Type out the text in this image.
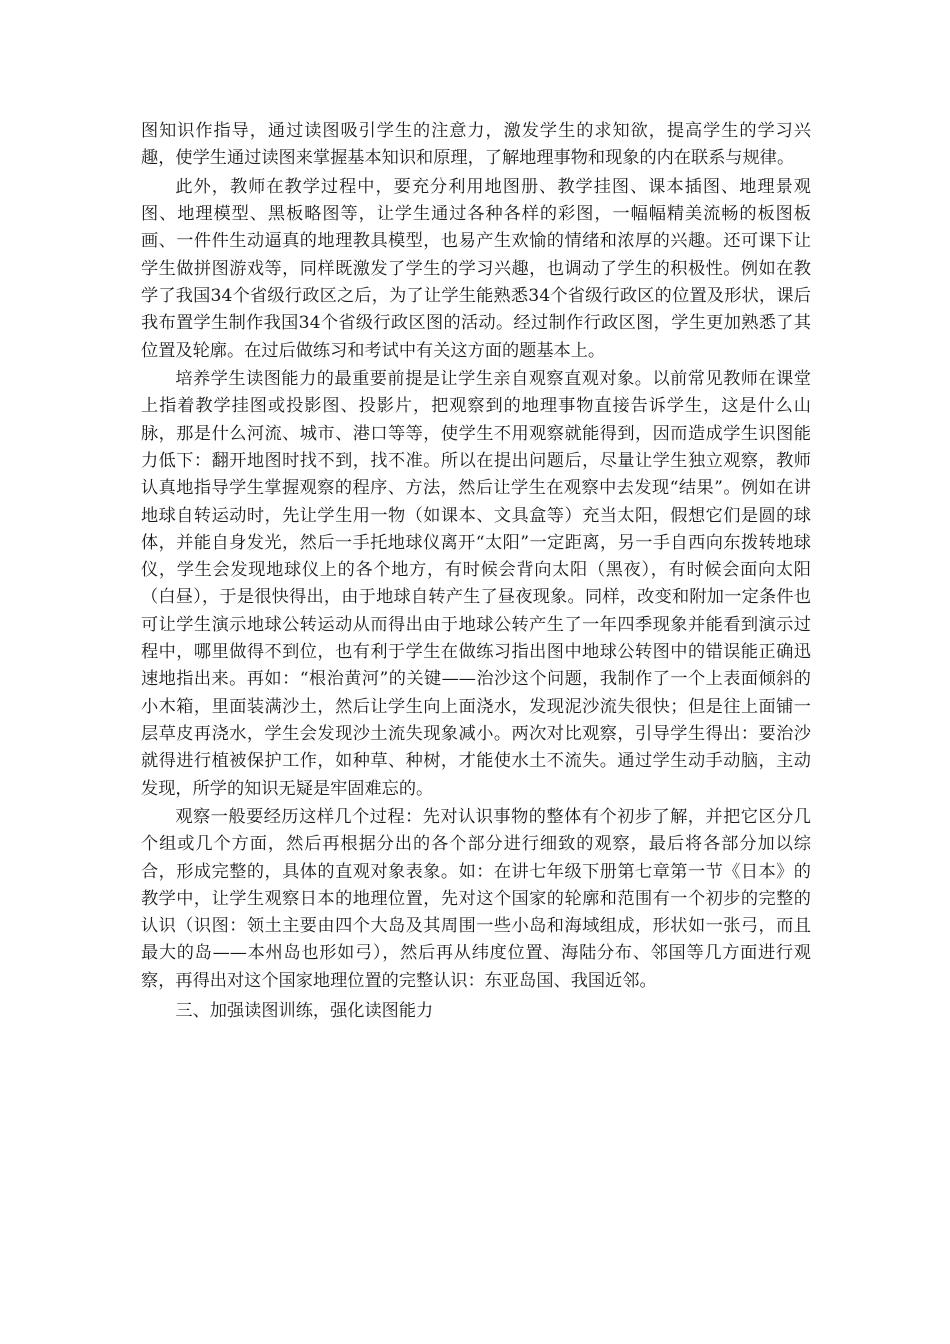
图知识作指导，通过读图吸引学生的注意力，激发学生的求知欲，提高学生的学习兴趣，使学生通过读图来掌握基本知识和原理，了解地理事物和现象的内在联系与规律。

此外，教师在教学过程中，要充分利用地图册、教学挂图、课本插图、地理景观图、地理模型、黑板略图等，让学生通过各种各样的彩图，一幅幅精美流畅的板图板画、一件件生动逼真的地理教具模型，也易产生欢愉的情绪和浓厚的兴趣。还可课下让学生做拼图游戏等，同样既激发了学生的学习兴趣，也调动了学生的积极性。例如在教学了我国34个省级行政区之后，为了让学生能熟悉34个省级行政区的位置及形状，课后我布置学生制作我国34个省级行政区图的活动。经过制作行政区图，学生更加熟悉了其位置及轮廓。在过后做练习和考试中有关这方面的题基本上。

培养学生读图能力的最重要前提是让学生亲自观察直观对象。以前常见教师在课堂上指着教学挂图或投影图、投影片，把观察到的地理事物直接告诉学生，这是什么山脉，那是什么河流、城市、港口等等，使学生不用观察就能得到，因而造成学生识图能力低下：翻开地图时找不到，找不准。所以在提出问题后，尽量让学生独立观察，教师认真地指导学生掌握观察的程序、方法，然后让学生在观察中去发现“结果”。例如在讲地球自转运动时，先让学生用一物（如课本、文具盒等）充当太阳，假想它们是圆的球体，并能自身发光，然后一手托地球仪离开“太阳”一定距离，另一手自西向东拨转地球仪，学生会发现地球仪上的各个地方，有时候会背向太阳（黑夜），有时候会面向太阳（白昼），于是很快得出，由于地球自转产生了昼夜现象。同样，改变和附加一定条件也可让学生演示地球公转运动从而得出由于地球公转产生了一年四季现象并能看到演示过程中，哪里做得不到位，也有利于学生在做练习指出图中地球公转图中的错误能正确迅速地指出来。再如：“根治黄河”的关键——治沙这个问题，我制作了一个上表面倾斜的小木箱，里面装满沙土，然后让学生向上面浇水，发现泥沙流失很快；但是往上面铺一层草皮再浇水，学生会发现沙土流失现象减小。两次对比观察，引导学生得出：要治沙就得进行植被保护工作，如种草、种树，才能使水土不流失。通过学生动手动脑，主动发现，所学的知识无疑是牢固难忘的。

观察一般要经历这样几个过程：先对认识事物的整体有个初步了解，并把它区分几个组或几个方面，然后再根据分出的各个部分进行细致的观察，最后将各部分加以综合，形成完整的，具体的直观对象表象。如：在讲七年级下册第七章第一节《日本》的教学中，让学生观察日本的地理位置，先对这个国家的轮廓和范围有一个初步的完整的认识（识图：领土主要由四个大岛及其周围一些小岛和海域组成，形状如一张弓，而且最大的岛——本州岛也形如弓），然后再从纬度位置、海陆分布、邻国等几方面进行观察，再得出对这个国家地理位置的完整认识：东亚岛国、我国近邻。

三、加强读图训练，强化读图能力
